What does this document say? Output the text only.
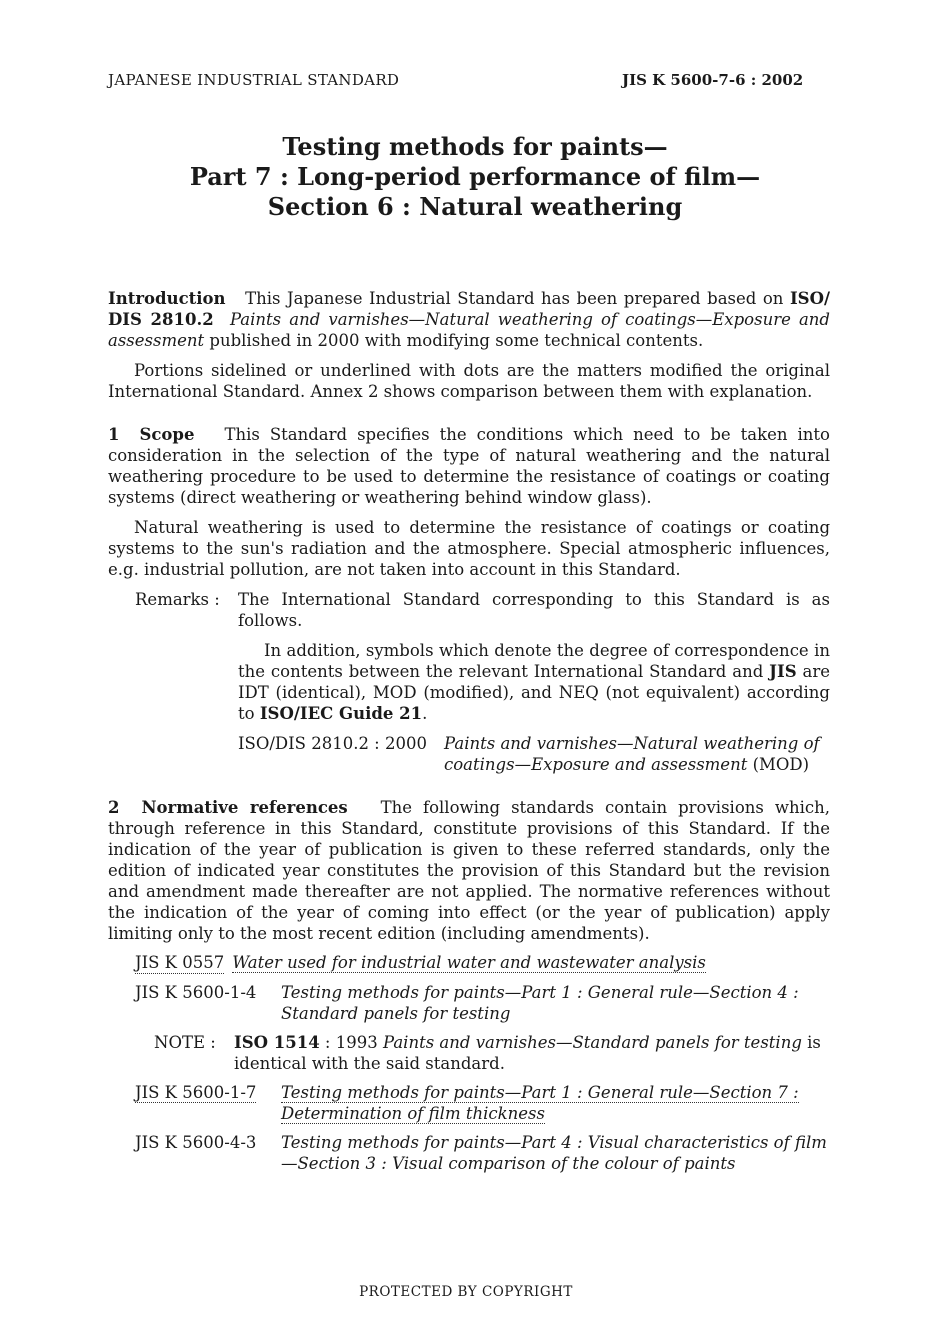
JAPANESE INDUSTRIAL STANDARD	JIS K 5600-7-6 : 2002
Testing methods for paints—
Part 7 : Long-period performance of film—
Section 6 : Natural weathering

Introduction This Japanese Industrial Standard has been prepared based on ISO/ DIS 2810.2 Paints and varnishes—Natural weathering of coatings—Exposure and assessment published in 2000 with modifying some technical contents.

Portions sidelined or underlined with dots are the matters modified the original International Standard. Annex 2 shows comparison between them with explanation.

1 Scope This Standard specifies the conditions which need to be taken into consideration in the selection of the type of natural weathering and the natural weathering procedure to be used to determine the resistance of coatings or coating systems (direct weathering or weathering behind window glass).

Natural weathering is used to determine the resistance of coatings or coating systems to the sun's radiation and the atmosphere. Special atmospheric influences, e.g. industrial pollution, are not taken into account in this Standard.

Remarks :	The International Standard corresponding to this Standard is as follows.

In addition, symbols which denote the degree of correspondence in the contents between the relevant International Standard and JIS are IDT (identical), MOD (modified), and NEQ (not equivalent) according to ISO/IEC Guide 21.

ISO/DIS 2810.2 : 2000	Paints and varnishes—Natural weathering of coatings—Exposure and assessment (MOD)

2 Normative references The following standards contain provisions which, through reference in this Standard, constitute provisions of this Standard. If the indication of the year of publication is given to these referred standards, only the edition of indicated year constitutes the provision of this Standard but the revision and amendment made thereafter are not applied. The normative references without the indication of the year of coming into effect (or the year of publication) apply limiting only to the most recent edition (including amendments).

JIS K 0557 Water used for industrial water and wastewater analysis
JIS K 5600-1-4	Testing methods for paints—Part 1 : General rule—Section 4 : Standard panels for testing
NOTE :	ISO 1514 : 1993 Paints and varnishes—Standard panels for testing is identical with the said standard.
JIS K 5600-1-7	Testing methods for paints—Part 1 : General rule—Section 7 : Determination of film thickness
JIS K 5600-4-3	Testing methods for paints—Part 4 : Visual characteristics of film—Section 3 : Visual comparison of the colour of paints
PROTECTED BY COPYRIGHT
